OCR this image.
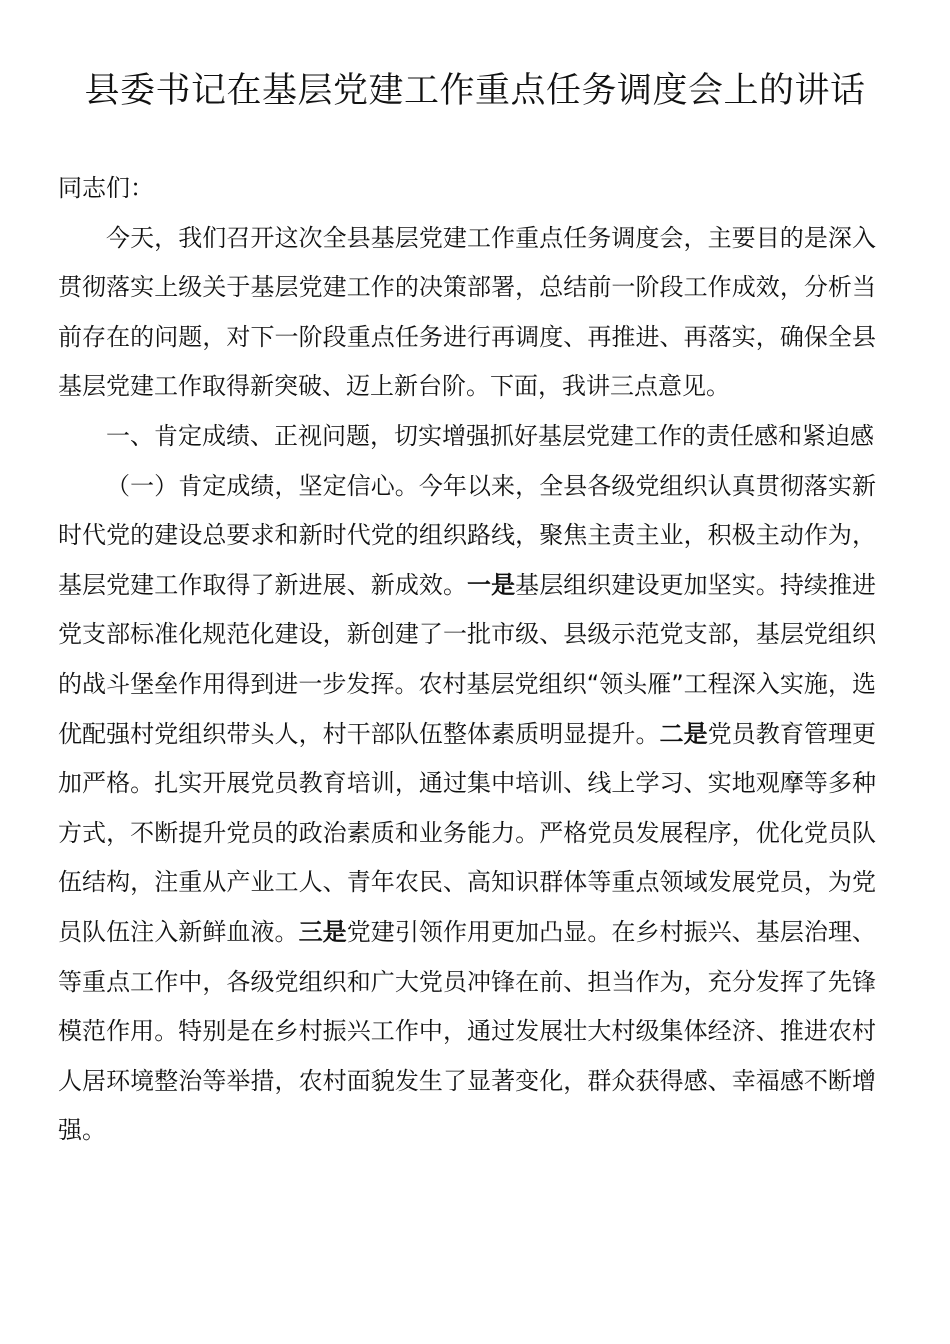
县委书记在基层党建工作重点任务调度会上的讲话

同志们：

今天，我们召开这次全县基层党建工作重点任务调度会，主要目的是深入贯彻落实上级关于基层党建工作的决策部署，总结前一阶段工作成效，分析当前存在的问题，对下一阶段重点任务进行再调度、再推进、再落实，确保全县基层党建工作取得新突破、迈上新台阶。下面，我讲三点意见。

一、肯定成绩、正视问题，切实增强抓好基层党建工作的责任感和紧迫感

（一）肯定成绩，坚定信心。今年以来，全县各级党组织认真贯彻落实新时代党的建设总要求和新时代党的组织路线，聚焦主责主业，积极主动作为，基层党建工作取得了新进展、新成效。一是基层组织建设更加坚实。持续推进党支部标准化规范化建设，新创建了一批市级、县级示范党支部，基层党组织的战斗堡垒作用得到进一步发挥。农村基层党组织“领头雁”工程深入实施，选优配强村党组织带头人，村干部队伍整体素质明显提升。二是党员教育管理更加严格。扎实开展党员教育培训，通过集中培训、线上学习、实地观摩等多种方式，不断提升党员的政治素质和业务能力。严格党员发展程序，优化党员队伍结构，注重从产业工人、青年农民、高知识群体等重点领域发展党员，为党员队伍注入新鲜血液。三是党建引领作用更加凸显。在乡村振兴、基层治理、等重点工作中，各级党组织和广大党员冲锋在前、担当作为，充分发挥了先锋模范作用。特别是在乡村振兴工作中，通过发展壮大村级集体经济、推进农村人居环境整治等举措，农村面貌发生了显著变化，群众获得感、幸福感不断增强。
